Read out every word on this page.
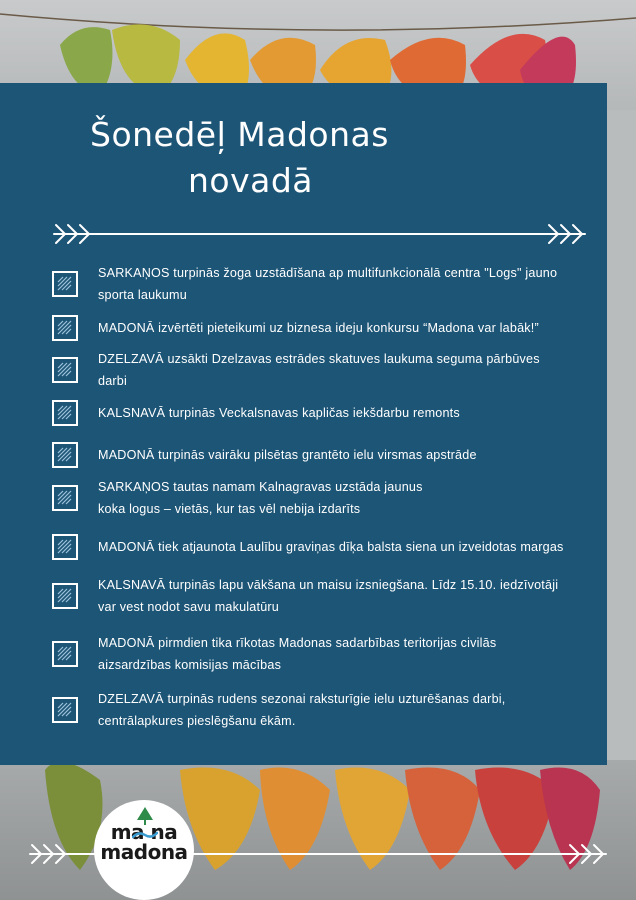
Šonedēļ Madonas
novadā
SARKAŅOS turpinās žoga uzstādīšana ap multifunkcionālā centra "Logs" jauno
sporta laukumu
MADONĀ izvērtēti pieteikumi uz biznesa ideju konkursu “Madona var labāk!”
DZELZAVĀ uzsākti Dzelzavas estrādes skatuves laukuma seguma pārbūves
darbi
KALSNAVĀ turpinās Veckalsnavas kapličas iekšdarbu remonts
MADONĀ turpinās vairāku pilsētas grantēto ielu virsmas apstrāde
SARKAŅOS tautas namam Kalnagravas uzstāda jaunus
koka logus – vietās, kur tas vēl nebija izdarīts
MADONĀ tiek atjaunota Laulību graviņas dīķa balsta siena un izveidotas margas
KALSNAVĀ turpinās lapu vākšana un maisu izsniegšana. Līdz 15.10. iedzīvotāji
var vest nodot savu makulatūru
MADONĀ pirmdien tika rīkotas Madonas sadarbības teritorijas civilās
aizsardzības komisijas mācības
DZELZAVĀ turpinās rudens sezonai raksturīgie ielu uzturēšanas darbi,
centrālapkures pieslēgšanu ēkām.
ma na
madona
